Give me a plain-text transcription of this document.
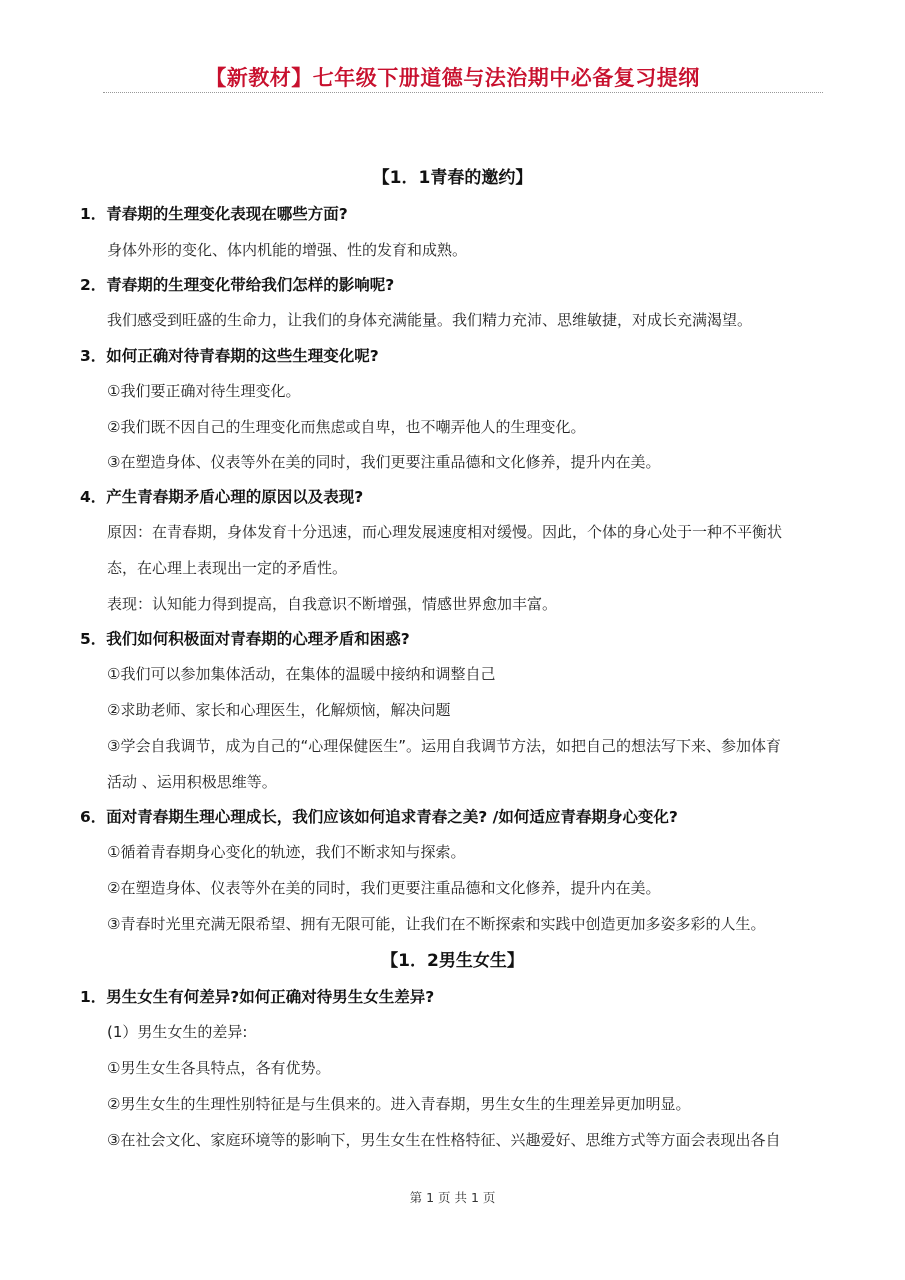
【新教材】七年级下册道德与法治期中必备复习提纲
【1．1青春的邀约】
1．青春期的生理变化表现在哪些方面?
身体外形的变化、体内机能的增强、性的发育和成熟。
2．青春期的生理变化带给我们怎样的影响呢?
我们感受到旺盛的生命力，让我们的身体充满能量。我们精力充沛、思维敏捷，对成长充满渴望。
3．如何正确对待青春期的这些生理变化呢?
①我们要正确对待生理变化。
②我们既不因自己的生理变化而焦虑或自卑，也不嘲弄他人的生理变化。
③在塑造身体、仪表等外在美的同时，我们更要注重品德和文化修养，提升内在美。
4．产生青春期矛盾心理的原因以及表现?
原因：在青春期，身体发育十分迅速，而心理发展速度相对缓慢。因此，个体的身心处于一种不平衡状
态，在心理上表现出一定的矛盾性。
表现：认知能力得到提高，自我意识不断增强，情感世界愈加丰富。
5．我们如何积极面对青春期的心理矛盾和困惑?
①我们可以参加集体活动，在集体的温暖中接纳和调整自己
②求助老师、家长和心理医生，化解烦恼，解决问题
③学会自我调节，成为自己的“心理保健医生”。运用自我调节方法，如把自己的想法写下来、参加体育
活动 、运用积极思维等。
6．面对青春期生理心理成长，我们应该如何追求青春之美? /如何适应青春期身心变化?
①循着青春期身心变化的轨迹，我们不断求知与探索。
②在塑造身体、仪表等外在美的同时，我们更要注重品德和文化修养，提升内在美。
③青春时光里充满无限希望、拥有无限可能，让我们在不断探索和实践中创造更加多姿多彩的人生。
【1．2男生女生】
1．男生女生有何差异?如何正确对待男生女生差异?
(1）男生女生的差异:
①男生女生各具特点，各有优势。
②男生女生的生理性别特征是与生俱来的。进入青春期，男生女生的生理差异更加明显。
③在社会文化、家庭环境等的影响下，男生女生在性格特征、兴趣爱好、思维方式等方面会表现出各自
第 1 页 共 1 页
